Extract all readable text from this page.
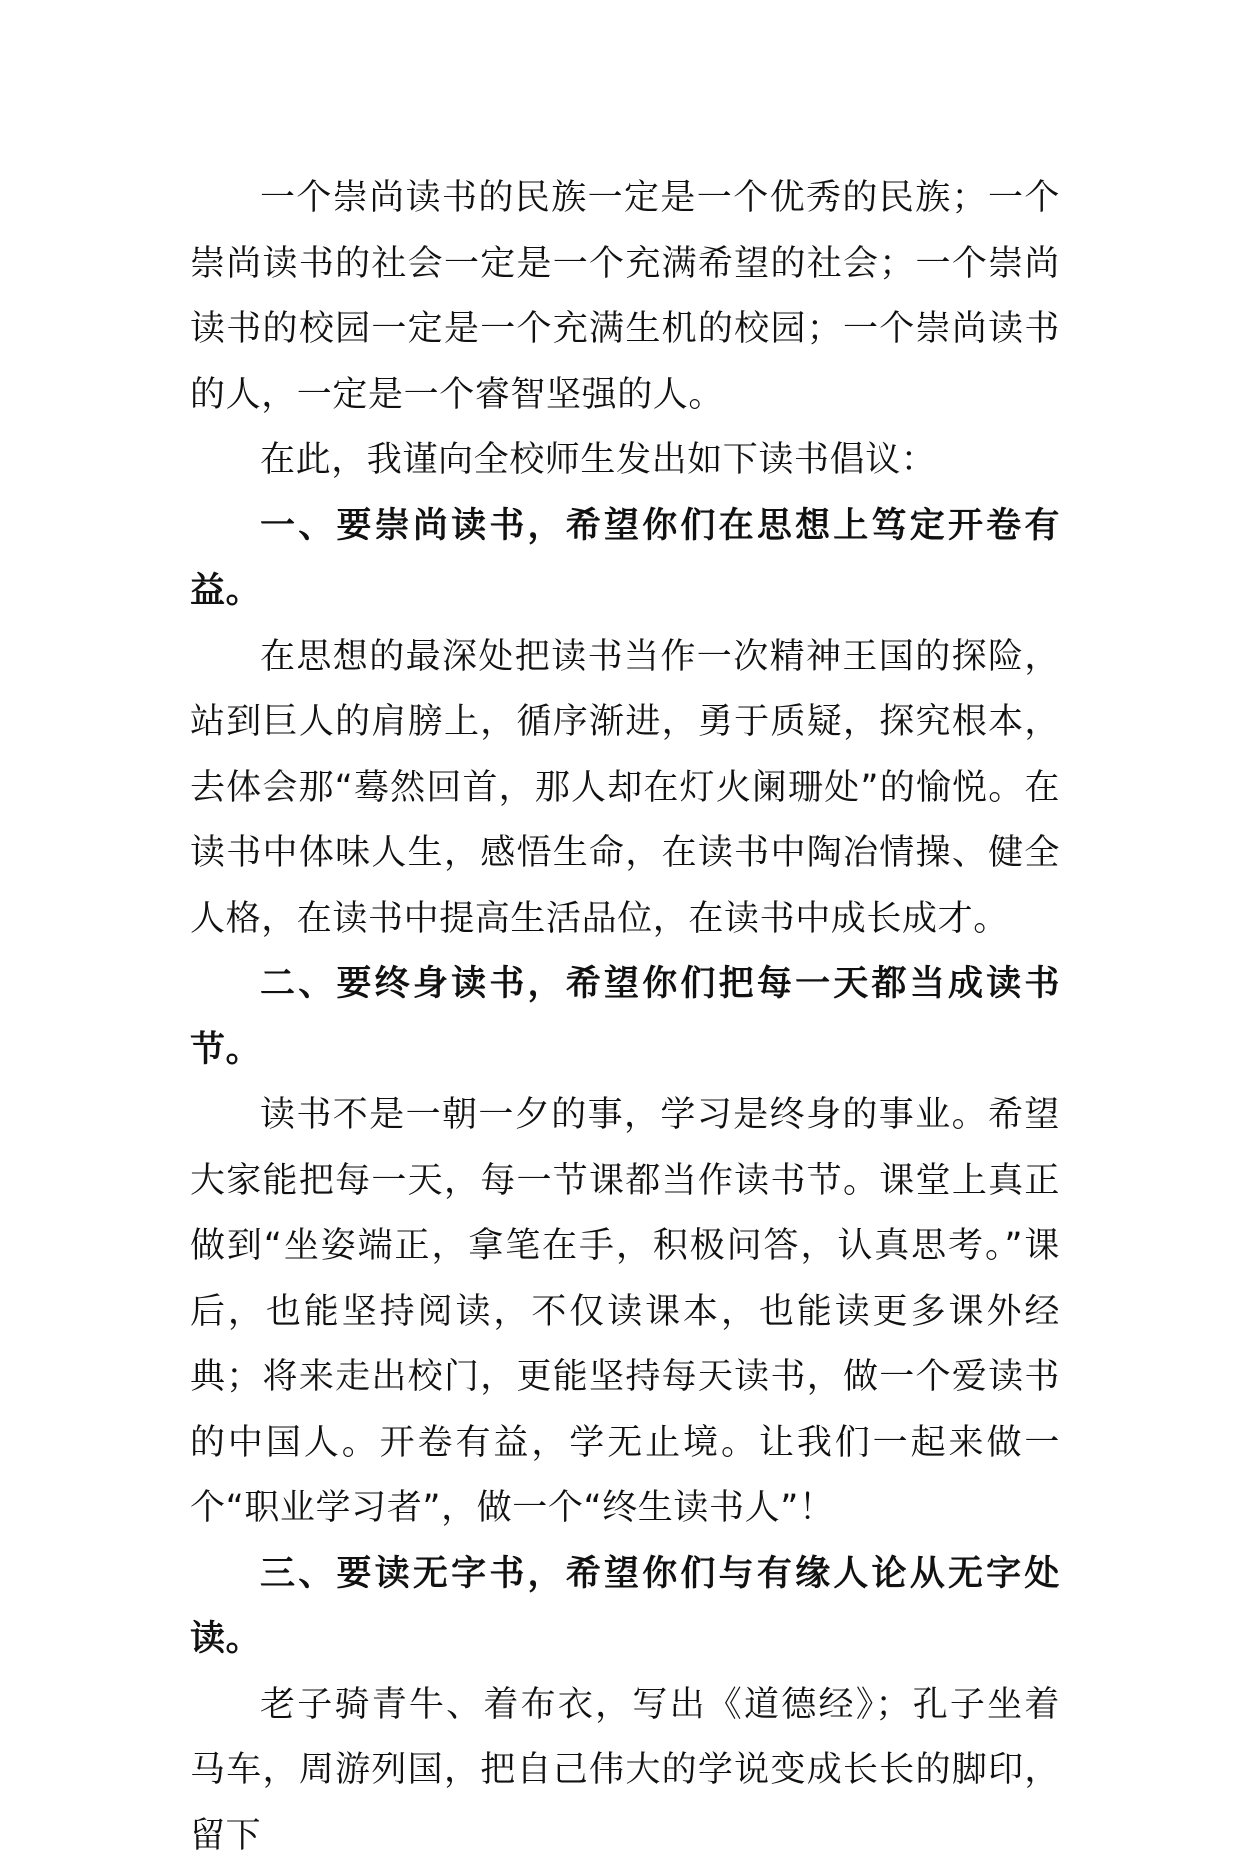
一个崇尚读书的民族一定是一个优秀的民族；一个崇尚读书的社会一定是一个充满希望的社会；一个崇尚读书的校园一定是一个充满生机的校园；一个崇尚读书的人，一定是一个睿智坚强的人。

在此，我谨向全校师生发出如下读书倡议：

一、要崇尚读书，希望你们在思想上笃定开卷有益。

在思想的最深处把读书当作一次精神王国的探险，站到巨人的肩膀上，循序渐进，勇于质疑，探究根本，去体会那“蓦然回首，那人却在灯火阑珊处”的愉悦。在读书中体味人生，感悟生命，在读书中陶冶情操、健全人格，在读书中提高生活品位，在读书中成长成才。

二、要终身读书，希望你们把每一天都当成读书节。

读书不是一朝一夕的事，学习是终身的事业。希望大家能把每一天，每一节课都当作读书节。课堂上真正做到“坐姿端正，拿笔在手，积极问答，认真思考。”课后，也能坚持阅读，不仅读课本，也能读更多课外经典；将来走出校门，更能坚持每天读书，做一个爱读书的中国人。开卷有益，学无止境。让我们一起来做一个“职业学习者”，做一个“终生读书人”！

三、要读无字书，希望你们与有缘人论从无字处读。

老子骑青牛、着布衣，写出《道德经》；孔子坐着马车，周游列国，把自己伟大的学说变成长长的脚印，留下
